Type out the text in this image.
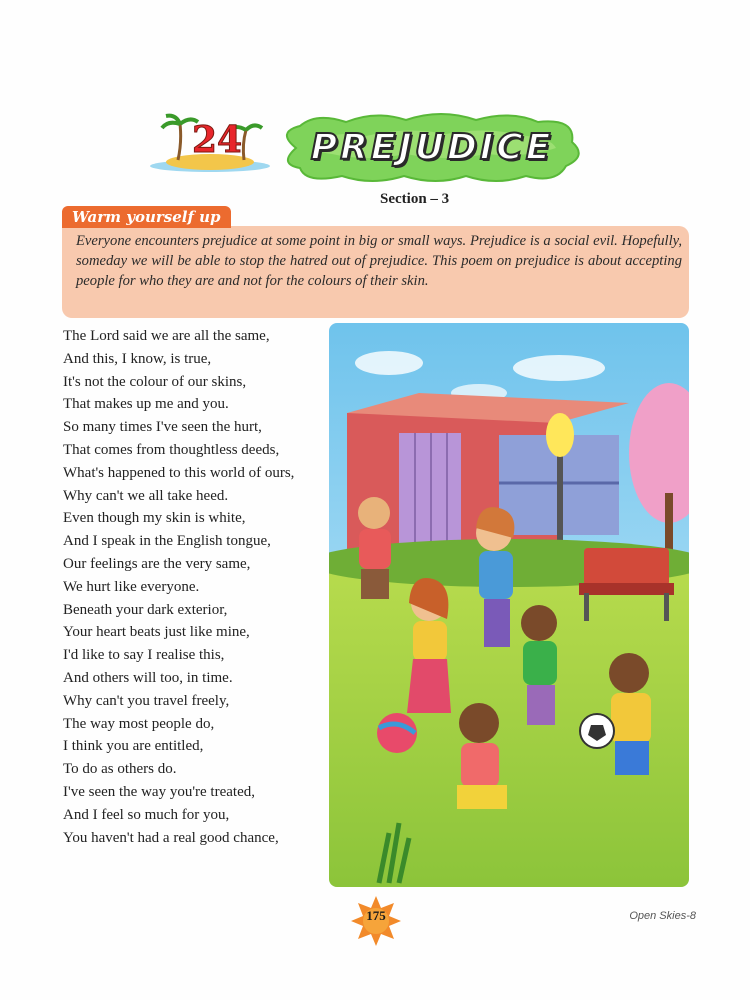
24	PREJUDICE
Section – 3
Warm yourself up
Everyone encounters prejudice at some point in big or small ways. Prejudice is a social evil. Hopefully, someday we will be able to stop the hatred out of prejudice. This poem on prejudice is about accepting people for who they are and not for the colours of their skin.
The Lord said we are all the same,
And this, I know, is true,
It's not the colour of our skins,
That makes up me and you.
So many times I've seen the hurt,
That comes from thoughtless deeds,
What's happened to this world of ours,
Why can't we all take heed.
Even though my skin is white,
And I speak in the English tongue,
Our feelings are the very same,
We hurt like everyone.
Beneath your dark exterior,
Your heart beats just like mine,
I'd like to say I realise this,
And others will too, in time.
Why can't you travel freely,
The way most people do,
I think you are entitled,
To do as others do.
I've seen the way you're treated,
And I feel so much for you,
You haven't had a real good chance,
175	Open Skies-8
